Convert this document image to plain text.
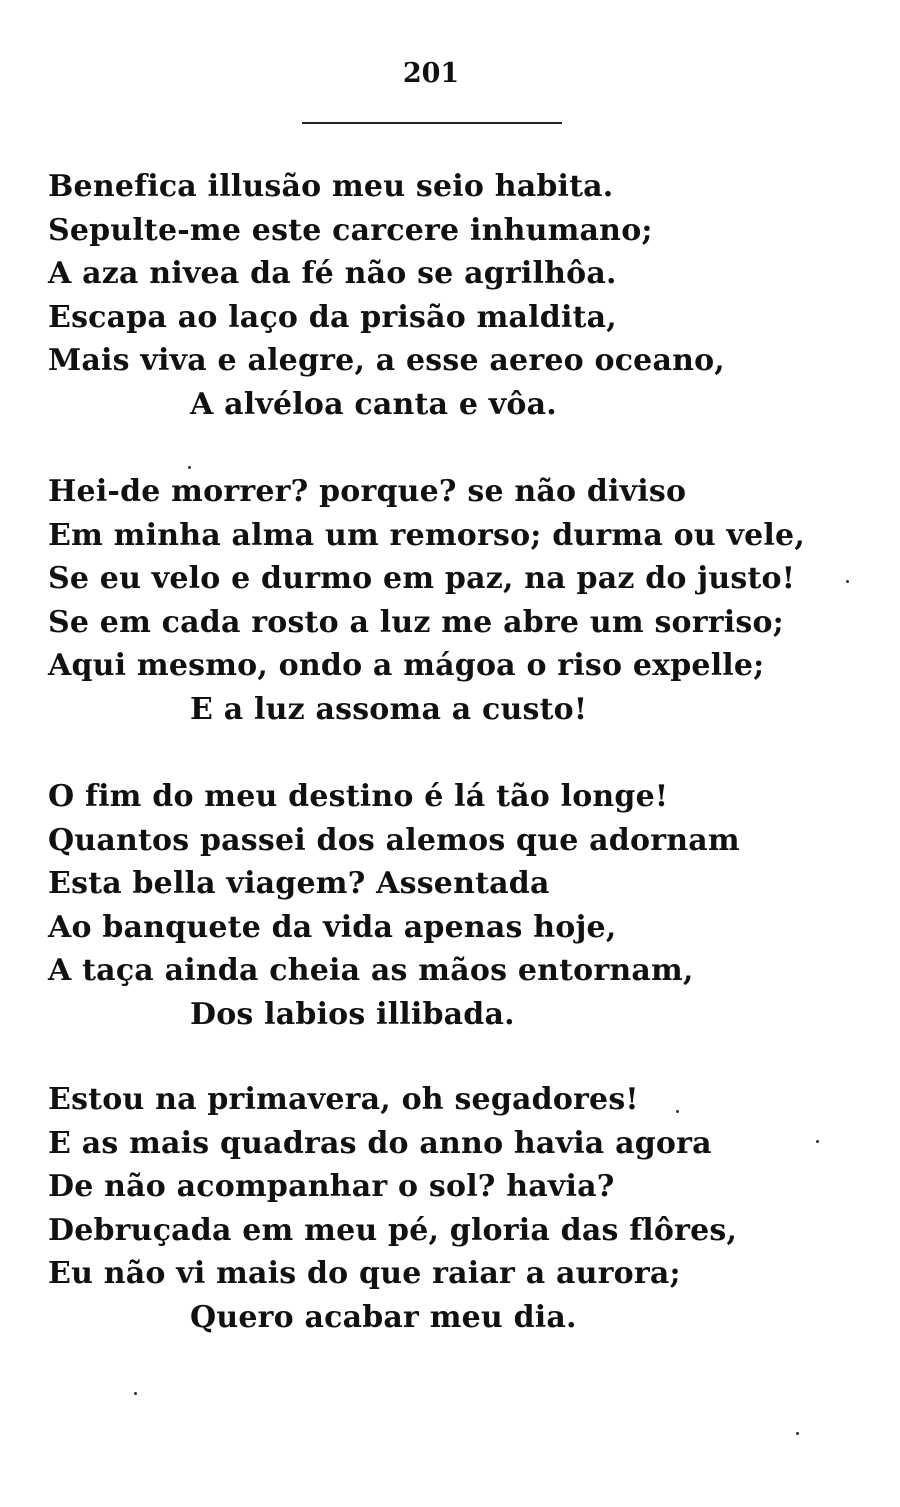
201
Benefica illusão meu seio habita.
Sepulte-me este carcere inhumano;
A aza nivea da fé não se agrilhôa.
Escapa ao laço da prisão maldita,
Mais viva e alegre, a esse aereo oceano,
A alvéloa canta e vôa.
Hei-de morrer? porque? se não diviso
Em minha alma um remorso; durma ou vele,
Se eu velo e durmo em paz, na paz do justo!
Se em cada rosto a luz me abre um sorriso;
Aqui mesmo, ondo a mágoa o riso expelle;
E a luz assoma a custo!
O fim do meu destino é lá tão longe!
Quantos passei dos alemos que adornam
Esta bella viagem? Assentada
Ao banquete da vida apenas hoje,
A taça ainda cheia as mãos entornam,
Dos labios illibada.
Estou na primavera, oh segadores!
E as mais quadras do anno havia agora
De não acompanhar o sol? havia?
Debruçada em meu pé, gloria das flôres,
Eu não vi mais do que raiar a aurora;
Quero acabar meu dia.
